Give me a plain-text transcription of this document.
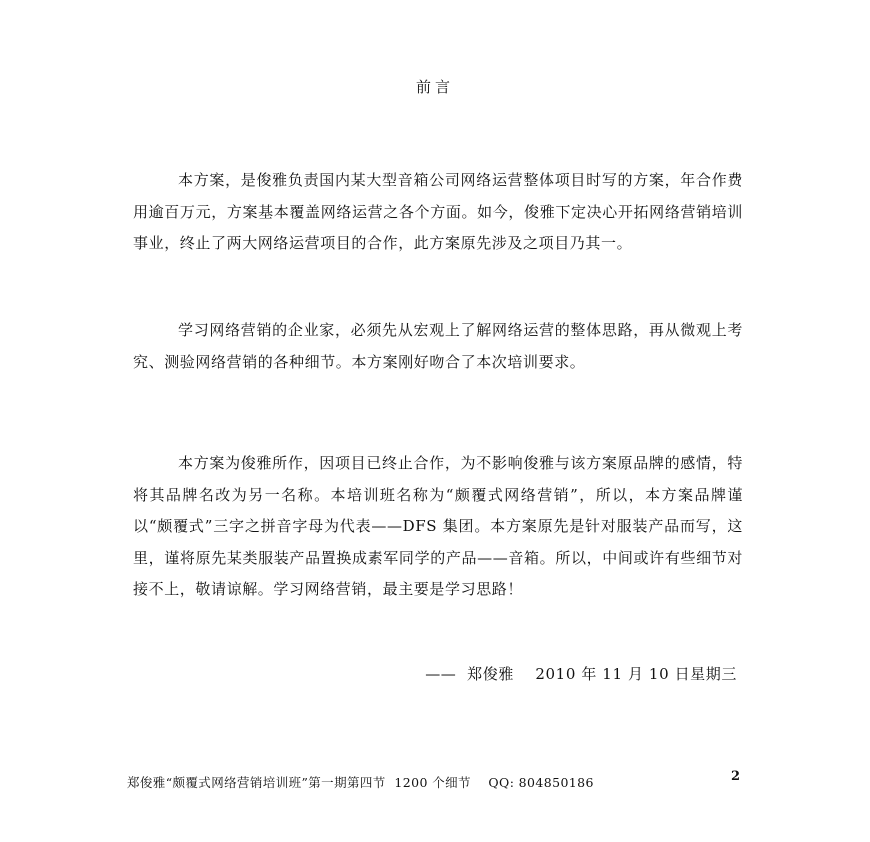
前言

本方案，是俊雅负责国内某大型音箱公司网络运营整体项目时写的方案，年合作费用逾百万元，方案基本覆盖网络运营之各个方面。如今，俊雅下定决心开拓网络营销培训事业，终止了两大网络运营项目的合作，此方案原先涉及之项目乃其一。

学习网络营销的企业家，必须先从宏观上了解网络运营的整体思路，再从微观上考究、测验网络营销的各种细节。本方案刚好吻合了本次培训要求。

本方案为俊雅所作，因项目已终止合作，为不影响俊雅与该方案原品牌的感情，特将其品牌名改为另一名称。本培训班名称为“颇覆式网络营销”，所以，本方案品牌谨以“颇覆式”三字之拼音字母为代表——DFS 集团。本方案原先是针对服装产品而写，这里，谨将原先某类服装产品置换成素军同学的产品——音箱。所以，中间或许有些细节对接不上，敬请谅解。学习网络营销，最主要是学习思路！

——  郑俊雅    2010 年 11 月 10 日星期三
郑俊雅“颇覆式网络营销培训班”第一期第四节  1200 个细节    QQ: 804850186	2
